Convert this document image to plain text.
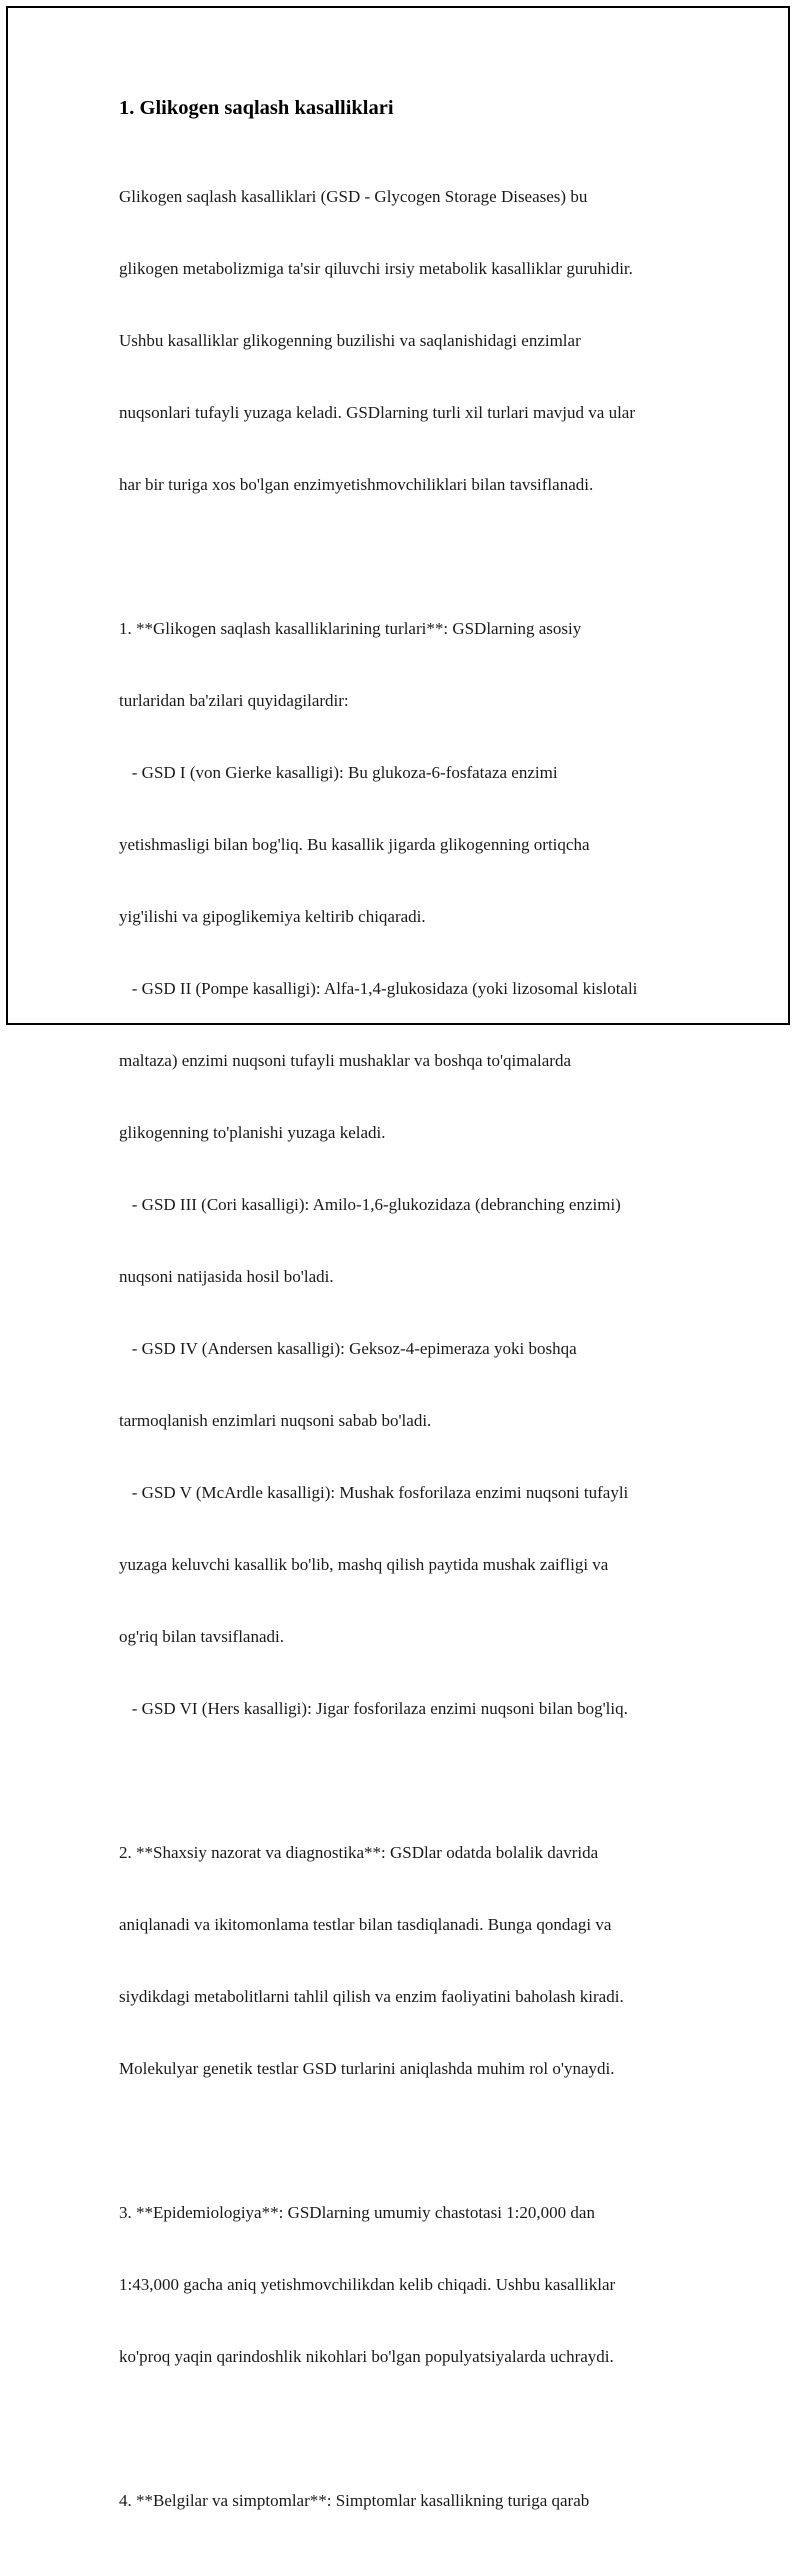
1. Glikogen saqlash kasalliklari

Glikogen saqlash kasalliklari (GSD - Glycogen Storage Diseases) bu

glikogen metabolizmiga ta'sir qiluvchi irsiy metabolik kasalliklar guruhidir.

Ushbu kasalliklar glikogenning buzilishi va saqlanishidagi enzimlar

nuqsonlari tufayli yuzaga keladi. GSDlarning turli xil turlari mavjud va ular

har bir turiga xos bo'lgan enzimyetishmovchiliklari bilan tavsiflanadi.

1. **Glikogen saqlash kasalliklarining turlari**: GSDlarning asosiy

turlaridan ba'zilari quyidagilardir:

- GSD I (von Gierke kasalligi): Bu glukoza-6-fosfataza enzimi

yetishmasligi bilan bog'liq. Bu kasallik jigarda glikogenning ortiqcha

yig'ilishi va gipoglikemiya keltirib chiqaradi.

- GSD II (Pompe kasalligi): Alfa-1,4-glukosidaza (yoki lizosomal kislotali

maltaza) enzimi nuqsoni tufayli mushaklar va boshqa to'qimalarda

glikogenning to'planishi yuzaga keladi.

- GSD III (Cori kasalligi): Amilo-1,6-glukozidaza (debranching enzimi)

nuqsoni natijasida hosil bo'ladi.

- GSD IV (Andersen kasalligi): Geksoz-4-epimeraza yoki boshqa

tarmoqlanish enzimlari nuqsoni sabab bo'ladi.

- GSD V (McArdle kasalligi): Mushak fosforilaza enzimi nuqsoni tufayli

yuzaga keluvchi kasallik bo'lib, mashq qilish paytida mushak zaifligi va

og'riq bilan tavsiflanadi.

- GSD VI (Hers kasalligi): Jigar fosforilaza enzimi nuqsoni bilan bog'liq.

2. **Shaxsiy nazorat va diagnostika**: GSDlar odatda bolalik davrida

aniqlanadi va ikitomonlama testlar bilan tasdiqlanadi. Bunga qondagi va

siydikdagi metabolitlarni tahlil qilish va enzim faoliyatini baholash kiradi.

Molekulyar genetik testlar GSD turlarini aniqlashda muhim rol o'ynaydi.

3. **Epidemiologiya**: GSDlarning umumiy chastotasi 1:20,000 dan

1:43,000 gacha aniq yetishmovchilikdan kelib chiqadi. Ushbu kasalliklar

ko'proq yaqin qarindoshlik nikohlari bo'lgan populyatsiyalarda uchraydi.

4. **Belgilar va simptomlar**: Simptomlar kasallikning turiga qarab
